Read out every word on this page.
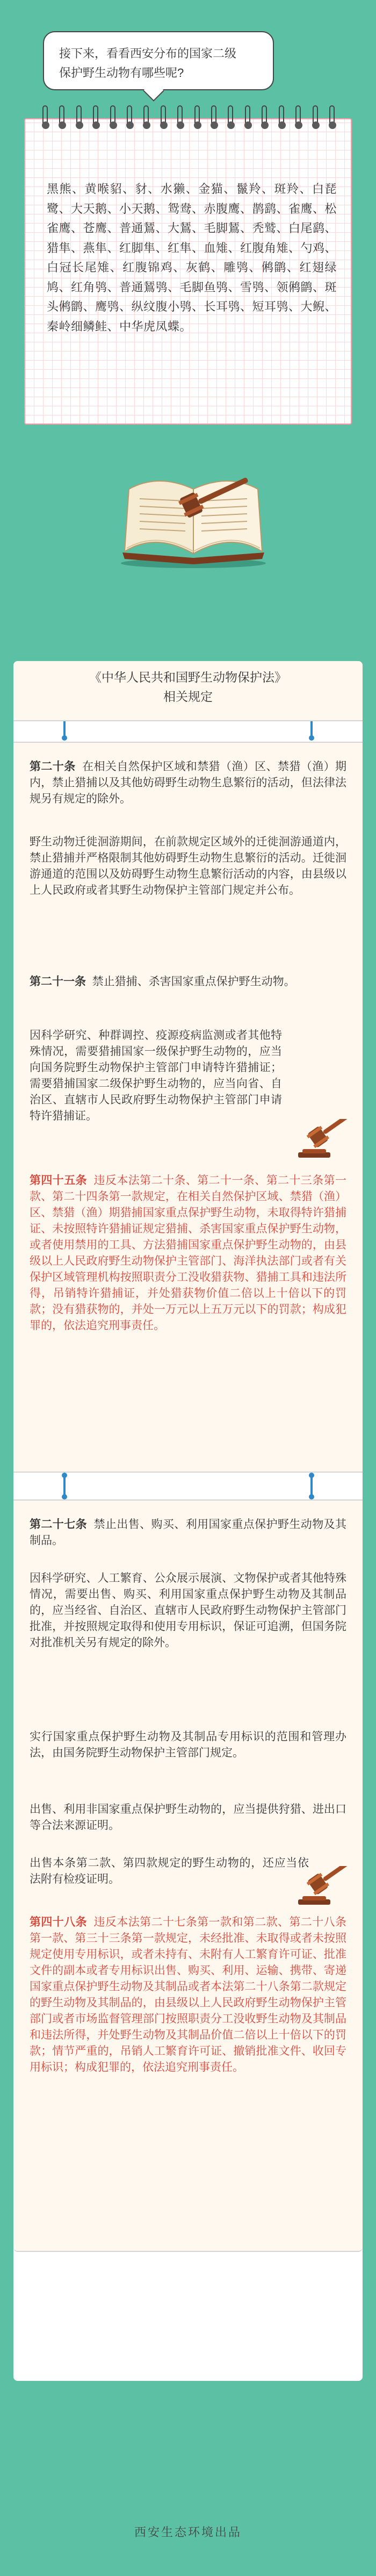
接下来，看看西安分布的国家二级
保护野生动物有哪些呢?
黑熊、黄喉貂、豺、水獭、金猫、鬣羚、斑羚、白琵鹭、大天鹅、小天鹅、鸳鸯、赤腹鹰、鹊鹞、雀鹰、松雀鹰、苍鹰、普通鵟、大鵟、毛脚鵟、秃鹫、白尾鹞、猎隼、燕隼、红脚隼、红隼、血雉、红腹角雉、勺鸡、白冠长尾雉、红腹锦鸡、灰鹤、雕鸮、鸺鹠、红翅绿鸠、红角鸮、普通鵟鸮、毛脚鱼鸮、雪鸮、领鸺鹠、斑头鸺鹠、鹰鸮、纵纹腹小鸮、长耳鸮、短耳鸮、大鲵、秦岭细鳞鲑、中华虎凤蝶。
《中华人民共和国野生动物保护法》
相关规定
第二十条 在相关自然保护区域和禁猎（渔）区、禁猎（渔）期内，禁止猎捕以及其他妨碍野生动物生息繁衍的活动，但法律法规另有规定的除外。
野生动物迁徙洄游期间，在前款规定区域外的迁徙洄游通道内，禁止猎捕并严格限制其他妨碍野生动物生息繁衍的活动。迁徙洄游通道的范围以及妨碍野生动物生息繁衍活动的内容，由县级以上人民政府或者其野生动物保护主管部门规定并公布。
第二十一条 禁止猎捕、杀害国家重点保护野生动物。
因科学研究、种群调控、疫源疫病监测或者其他特殊情况，需要猎捕国家一级保护野生动物的，应当向国务院野生动物保护主管部门申请特许猎捕证；需要猎捕国家二级保护野生动物的，应当向省、自治区、直辖市人民政府野生动物保护主管部门申请特许猎捕证。
第四十五条 违反本法第二十条、第二十一条、第二十三条第一款、第二十四条第一款规定，在相关自然保护区域、禁猎（渔）区、禁猎（渔）期猎捕国家重点保护野生动物，未取得特许猎捕证、未按照特许猎捕证规定猎捕、杀害国家重点保护野生动物，或者使用禁用的工具、方法猎捕国家重点保护野生动物的，由县级以上人民政府野生动物保护主管部门、海洋执法部门或者有关保护区域管理机构按照职责分工没收猎获物、猎捕工具和违法所得，吊销特许猎捕证，并处猎获物价值二倍以上十倍以下的罚款；没有猎获物的，并处一万元以上五万元以下的罚款；构成犯罪的，依法追究刑事责任。
第二十七条 禁止出售、购买、利用国家重点保护野生动物及其制品。
因科学研究、人工繁育、公众展示展演、文物保护或者其他特殊情况，需要出售、购买、利用国家重点保护野生动物及其制品的，应当经省、自治区、直辖市人民政府野生动物保护主管部门批准，并按照规定取得和使用专用标识，保证可追溯，但国务院对批准机关另有规定的除外。
实行国家重点保护野生动物及其制品专用标识的范围和管理办法，由国务院野生动物保护主管部门规定。
出售、利用非国家重点保护野生动物的，应当提供狩猎、进出口等合法来源证明。
出售本条第二款、第四款规定的野生动物的，还应当依法附有检疫证明。
第四十八条 违反本法第二十七条第一款和第二款、第二十八条第一款、第三十三条第一款规定，未经批准、未取得或者未按照规定使用专用标识，或者未持有、未附有人工繁育许可证、批准文件的副本或者专用标识出售、购买、利用、运输、携带、寄递国家重点保护野生动物及其制品或者本法第二十八条第二款规定的野生动物及其制品的，由县级以上人民政府野生动物保护主管部门或者市场监督管理部门按照职责分工没收野生动物及其制品和违法所得，并处野生动物及其制品价值二倍以上十倍以下的罚款；情节严重的，吊销人工繁育许可证、撤销批准文件、收回专用标识；构成犯罪的，依法追究刑事责任。
西安生态环境出品
